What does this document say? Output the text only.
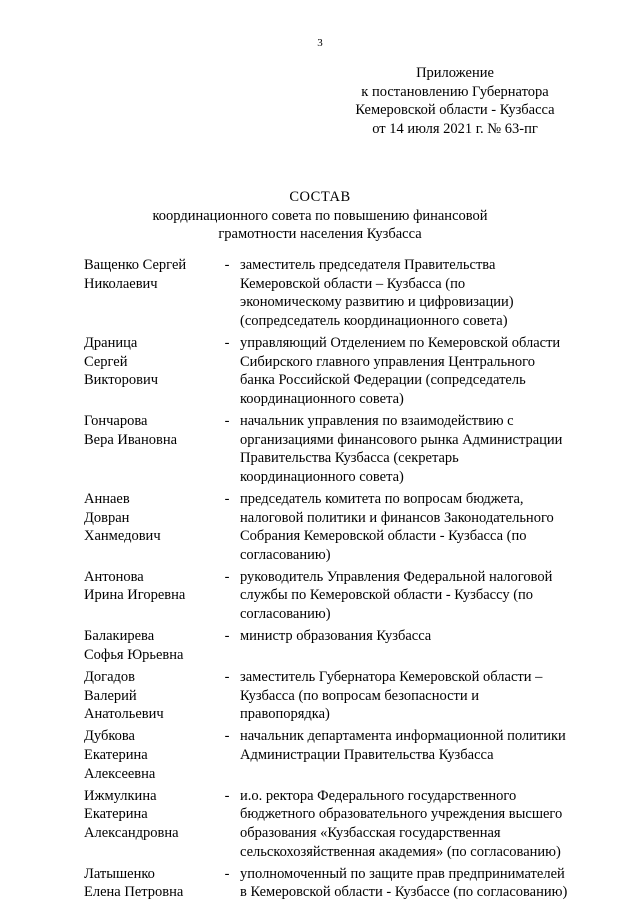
3
Приложение
к постановлению Губернатора
Кемеровской области - Кузбасса
от 14 июля 2021 г. № 63-пг
СОСТАВ
координационного совета по повышению финансовой
грамотности населения Кузбасса
Ващенко Сергей
Николаевич
- заместитель председателя Правительства
Кемеровской области – Кузбасса (по
экономическому развитию и цифровизации)
(сопредседатель координационного совета)
Драница
Сергей
Викторович
- управляющий Отделением по Кемеровской области
Сибирского главного управления Центрального
банка Российской Федерации (сопредседатель
координационного совета)
Гончарова
Вера Ивановна
- начальник управления по взаимодействию с
организациями финансового рынка Администрации
Правительства Кузбасса (секретарь
координационного совета)
Аннаев
Довран
Ханмедович
- председатель комитета по вопросам бюджета,
налоговой политики и финансов Законодательного
Собрания Кемеровской области - Кузбасса (по
согласованию)
Антонова
Ирина Игоревна
- руководитель Управления Федеральной налоговой
службы по Кемеровской области - Кузбассу (по
согласованию)
Балакирева
Софья Юрьевна
- министр образования Кузбасса
Догадов
Валерий
Анатольевич
- заместитель Губернатора Кемеровской области –
Кузбасса (по вопросам безопасности и
правопорядка)
Дубкова
Екатерина
Алексеевна
- начальник департамента информационной политики
Администрации Правительства Кузбасса
Ижмулкина
Екатерина
Александровна
- и.о. ректора Федерального государственного
бюджетного образовательного учреждения высшего
образования «Кузбасская государственная
сельскохозяйственная академия» (по согласованию)
Латышенко
Елена Петровна
- уполномоченный по защите прав предпринимателей
в Кемеровской области - Кузбассе (по согласованию)
